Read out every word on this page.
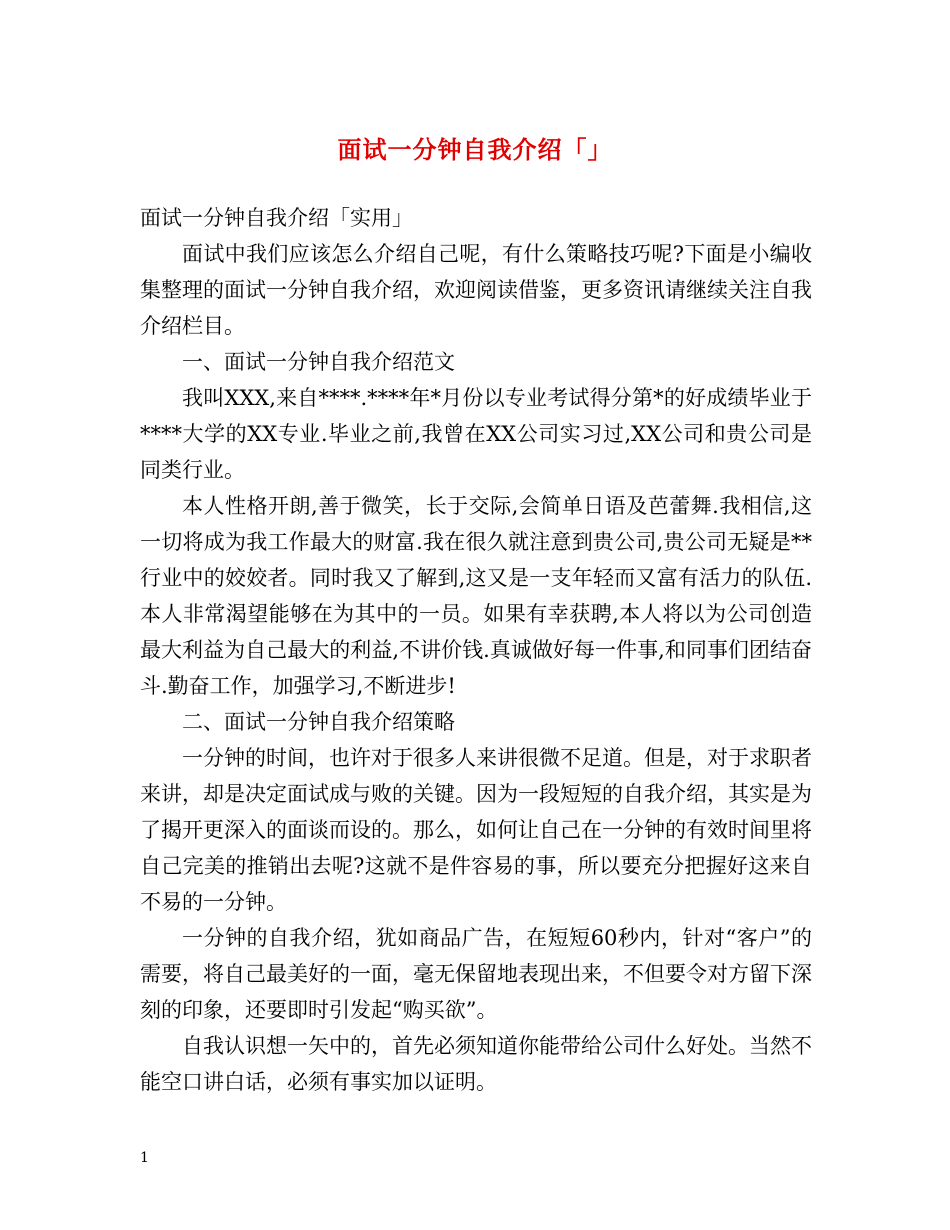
面试一分钟自我介绍「」

面试一分钟自我介绍「实用」

面试中我们应该怎么介绍自己呢，有什么策略技巧呢?下面是小编收集整理的面试一分钟自我介绍，欢迎阅读借鉴，更多资讯请继续关注自我介绍栏目。

一、面试一分钟自我介绍范文

我叫XXX,来自****.****年*月份以专业考试得分第*的好成绩毕业于****大学的XX专业.毕业之前,我曾在XX公司实习过,XX公司和贵公司是同类行业。

本人性格开朗,善于微笑，长于交际,会简单日语及芭蕾舞.我相信,这一切将成为我工作最大的财富.我在很久就注意到贵公司,贵公司无疑是**行业中的姣姣者。同时我又了解到,这又是一支年轻而又富有活力的队伍.本人非常渴望能够在为其中的一员。如果有幸获聘,本人将以为公司创造最大利益为自己最大的利益,不讲价钱.真诚做好每一件事,和同事们团结奋斗.勤奋工作，加强学习,不断进步!

二、面试一分钟自我介绍策略

一分钟的时间，也许对于很多人来讲很微不足道。但是，对于求职者来讲，却是决定面试成与败的关键。因为一段短短的自我介绍，其实是为了揭开更深入的面谈而设的。那么，如何让自己在一分钟的有效时间里将自己完美的推销出去呢?这就不是件容易的事，所以要充分把握好这来自不易的一分钟。

一分钟的自我介绍，犹如商品广告，在短短60秒内，针对“客户”的需要，将自己最美好的一面，毫无保留地表现出来，不但要令对方留下深刻的印象，还要即时引发起“购买欲”。

自我认识想一矢中的，首先必须知道你能带给公司什么好处。当然不能空口讲白话，必须有事实加以证明。

1
